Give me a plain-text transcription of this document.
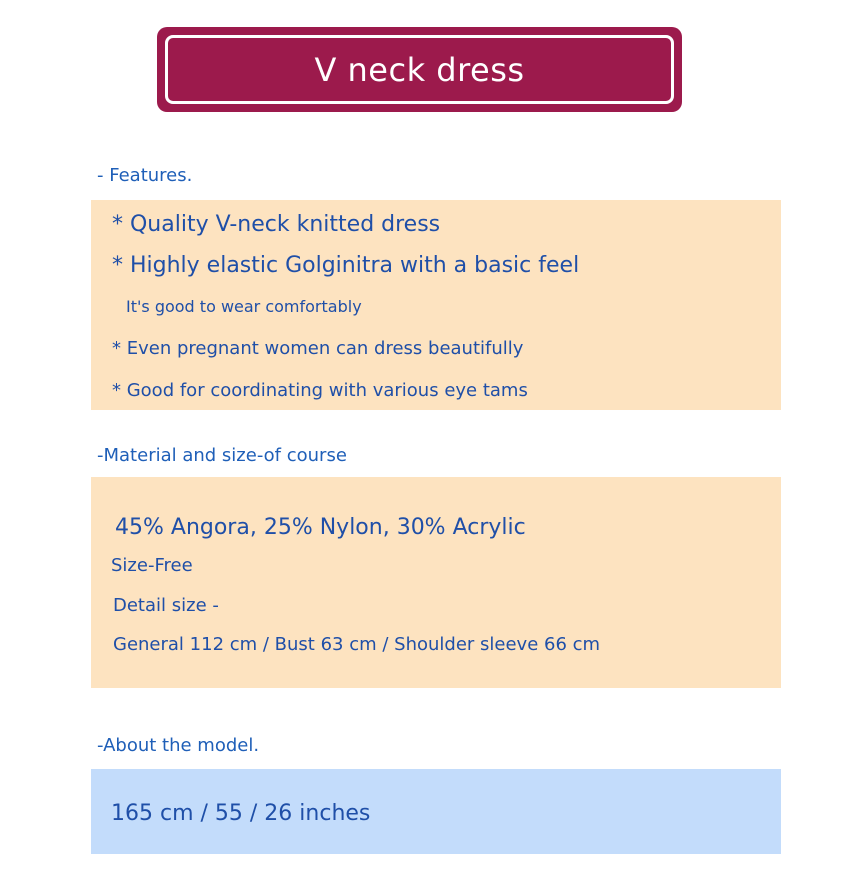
V neck dress
- Features.
* Quality V-neck knitted dress
* Highly elastic Golginitra with a basic feel
It's good to wear comfortably
* Even pregnant women can dress beautifully
* Good for coordinating with various eye tams
-Material and size-of course
45% Angora, 25% Nylon, 30% Acrylic
Size-Free
Detail size -
General 112 cm / Bust 63 cm / Shoulder sleeve 66 cm
-About the model.
165 cm / 55 / 26 inches
